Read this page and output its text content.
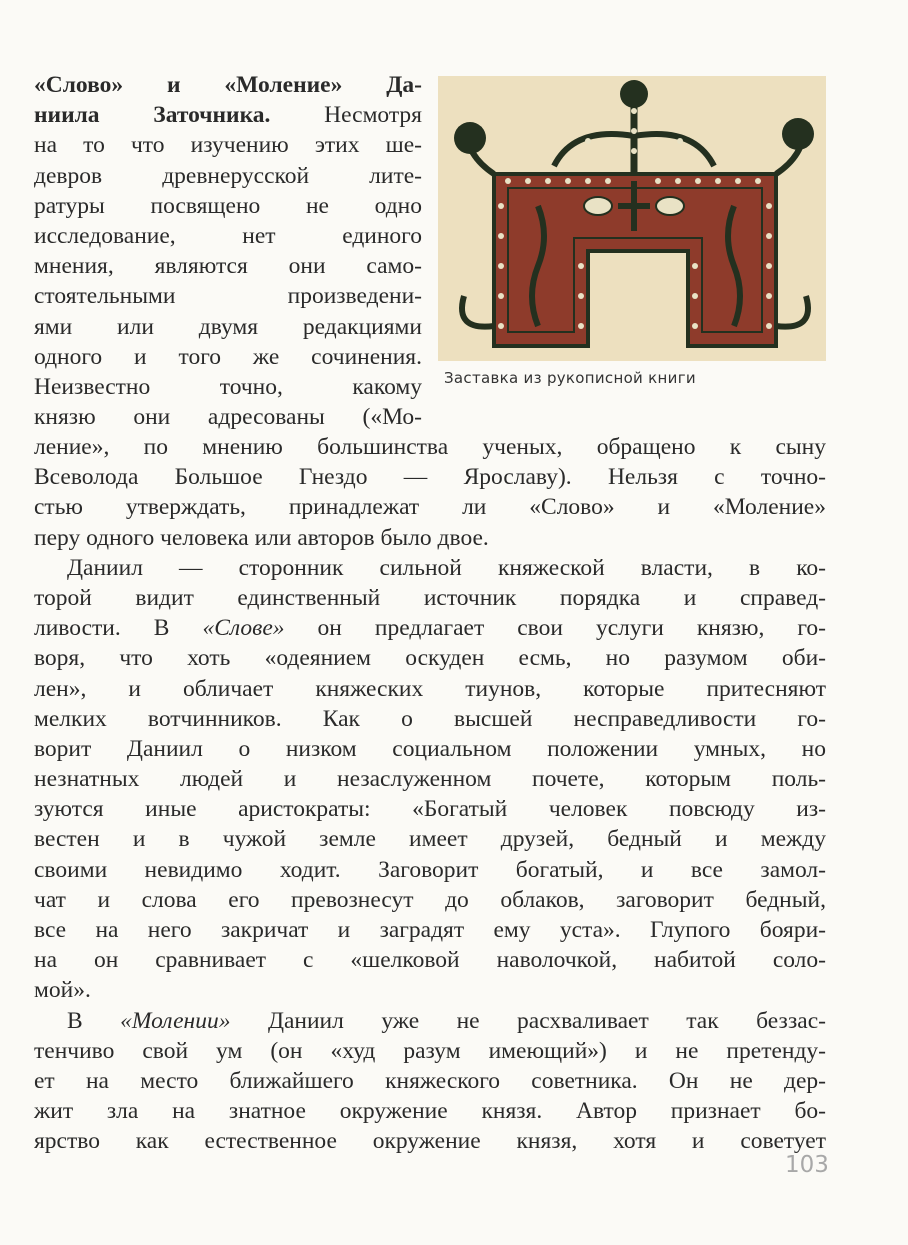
Заставка из рукописной книги
«Слово» и «Моление» Да-
ниила Заточника. Несмотря
на то что изучению этих ше-
девров древнерусской лите-
ратуры посвящено не одно
исследование, нет единого
мнения, являются они само-
стоятельными произведени-
ями или двумя редакциями
одного и того же сочинения.
Неизвестно точно, какому
князю они адресованы («Мо-
ление», по мнению большинства ученых, обращено к сыну
Всеволода Большое Гнездо — Ярославу). Нельзя с точно-
стью утверждать, принадлежат ли «Слово» и «Моление»
перу одного человека или авторов было двое.
Даниил — сторонник сильной княжеской власти, в ко-
торой видит единственный источник порядка и справед-
ливости. В «Слове» он предлагает свои услуги князю, го-
воря, что хоть «одеянием оскуден есмь, но разумом оби-
лен», и обличает княжеских тиунов, которые притесняют
мелких вотчинников. Как о высшей несправедливости го-
ворит Даниил о низком социальном положении умных, но
незнатных людей и незаслуженном почете, которым поль-
зуются иные аристократы: «Богатый человек повсюду из-
вестен и в чужой земле имеет друзей, бедный и между
своими невидимо ходит. Заговорит богатый, и все замол-
чат и слова его превознесут до облаков, заговорит бедный,
все на него закричат и заградят ему уста». Глупого бояри-
на он сравнивает с «шелковой наволочкой, набитой соло-
мой».
В «Молении» Даниил уже не расхваливает так беззас-
тенчиво свой ум (он «худ разум имеющий») и не претенду-
ет на место ближайшего княжеского советника. Он не дер-
жит зла на знатное окружение князя. Автор признает бо-
ярство как естественное окружение князя, хотя и советует
103
